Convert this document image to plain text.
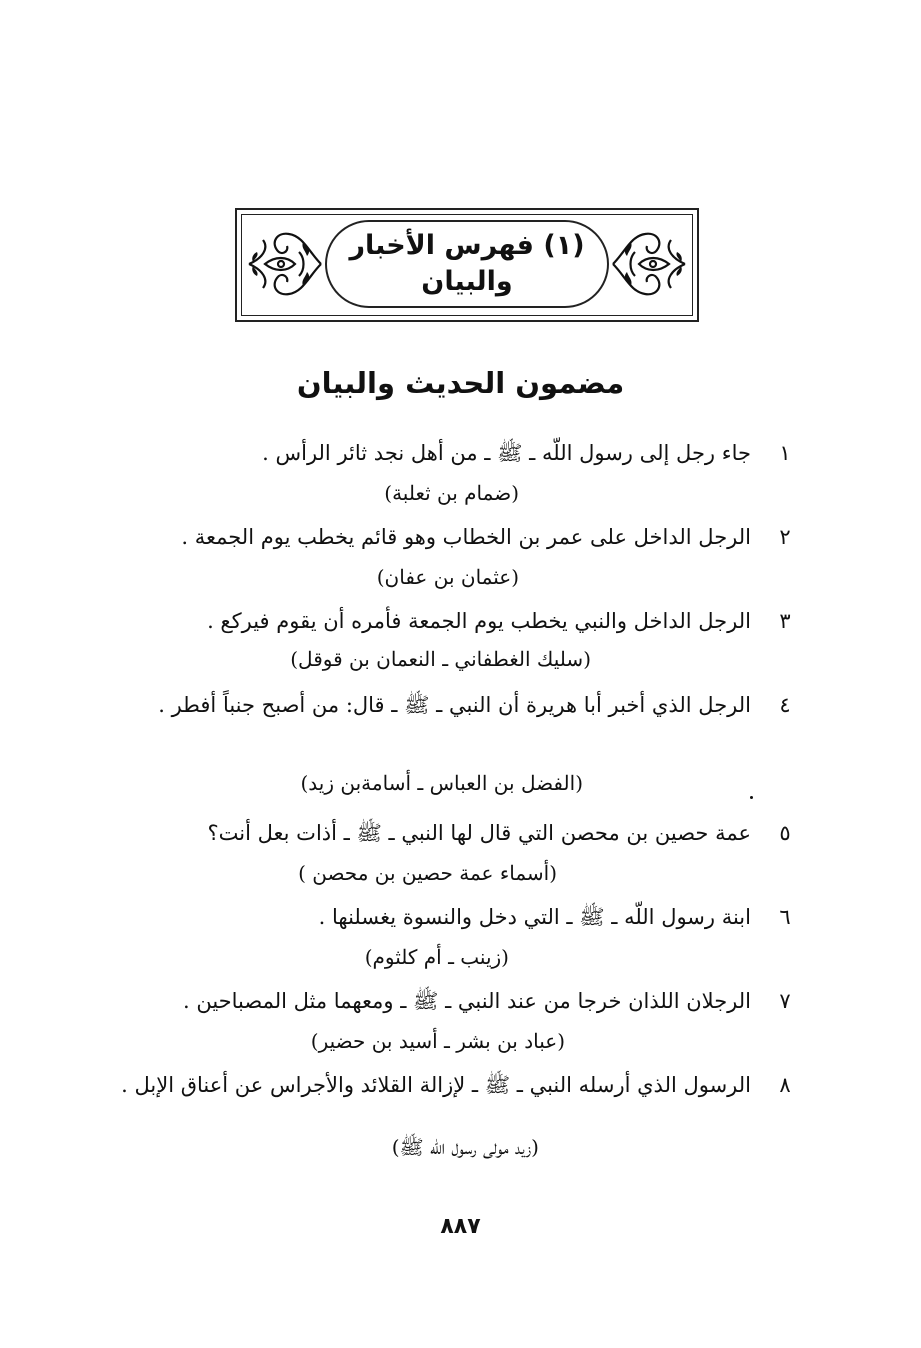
(١) فهرس الأخبار
والبيان
مضمون الحديث والبيان
١
جاء رجل إلى رسول اللّه ـ ﷺ ـ من أهل نجد ثائر الرأس .
(ضمام بن ثعلبة)
٢
الرجل الداخل على عمر بن الخطاب وهو قائم يخطب يوم الجمعة .
(عثمان بن عفان)
٣
الرجل الداخل والنبي يخطب يوم الجمعة فأمره أن يقوم فيركع .
(سليك الغطفاني ـ النعمان بن قوقل)
٤
الرجل الذي أخبر أبا هريرة أن النبي ـ ﷺ ـ قال: من أصبح جنباً أفطر .
(الفضل بن العباس ـ أسامةبن زيد)
٥
عمة حصين بن محصن التي قال لها النبي ـ ﷺ ـ أذات بعل أنت؟
(أسماء عمة حصين بن محصن )
٦
ابنة رسول اللّه ـ ﷺ ـ التي دخل والنسوة يغسلنها .
(زينب ـ أم كلثوم)
٧
الرجلان اللذان خرجا من عند النبي ـ ﷺ ـ ومعهما مثل المصباحين .
(عباد بن بشر ـ أسيد بن حضير)
٨
الرسول الذي أرسله النبي ـ ﷺ ـ لإزالة القلائد والأجراس عن أعناق الإبل .
(زيد مولى رسول اللّه ﷺ)
٨٨٧
